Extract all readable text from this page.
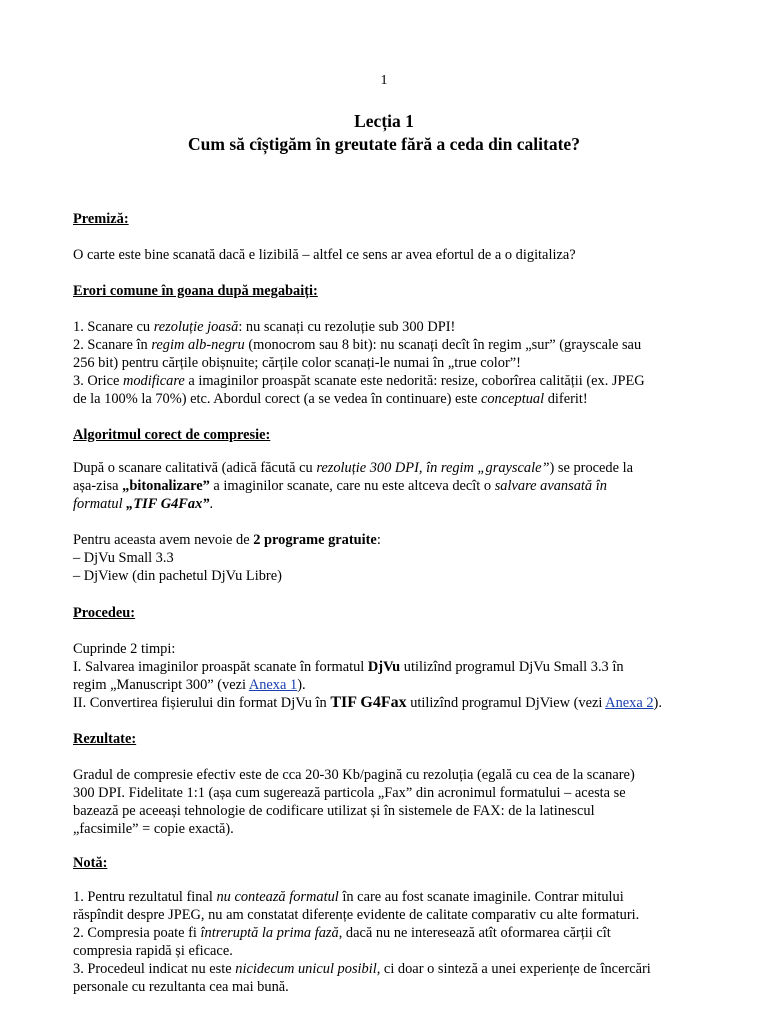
1
Lecția 1
Cum să cîștigăm în greutate fără a ceda din calitate?
Premiză:
O carte este bine scanată dacă e lizibilă – altfel ce sens ar avea efortul de a o digitaliza?
Erori comune în goana după megabaiți:
1. Scanare cu rezoluție joasă: nu scanați cu rezoluție sub 300 DPI!
2. Scanare în regim alb-negru (monocrom sau 8 bit): nu scanați decît în regim „sur” (grayscale sau
256 bit) pentru cărțile obișnuite; cărțile color scanați-le numai în „true color”!
3. Orice modificare a imaginilor proaspăt scanate este nedorită: resize, coborîrea calității (ex. JPEG
de la 100% la 70%) etc. Abordul corect (a se vedea în continuare) este conceptual diferit!
Algoritmul corect de compresie:
După o scanare calitativă (adică făcută cu rezoluție 300 DPI, în regim „grayscale”) se procede la
așa-zisa „bitonalizare” a imaginilor scanate, care nu este altceva decît o salvare avansată în
formatul „TIF G4Fax”.
Pentru aceasta avem nevoie de 2 programe gratuite:
– DjVu Small 3.3
– DjView (din pachetul DjVu Libre)
Procedeu:
Cuprinde 2 timpi:
I. Salvarea imaginilor proaspăt scanate în formatul DjVu utilizînd programul DjVu Small 3.3 în
regim „Manuscript 300” (vezi Anexa 1).
II. Convertirea fișierului din format DjVu în TIF G4Fax utilizînd programul DjView (vezi Anexa 2).
Rezultate:
Gradul de compresie efectiv este de cca 20-30 Kb/pagină cu rezoluția (egală cu cea de la scanare)
300 DPI. Fidelitate 1:1 (așa cum sugerează particola „Fax” din acronimul formatului – acesta se
bazează pe aceeași tehnologie de codificare utilizat și în sistemele de FAX: de la latinescul
„facsimile” = copie exactă).
Notă:
1. Pentru rezultatul final nu contează formatul în care au fost scanate imaginile. Contrar mitului
răspîndit despre JPEG, nu am constatat diferențe evidente de calitate comparativ cu alte formaturi.
2. Compresia poate fi întreruptă la prima fază, dacă nu ne interesează atît oformarea cărții cît
compresia rapidă și eficace.
3. Procedeul indicat nu este nicidecum unicul posibil, ci doar o sinteză a unei experiențe de încercări
personale cu rezultanta cea mai bună.
